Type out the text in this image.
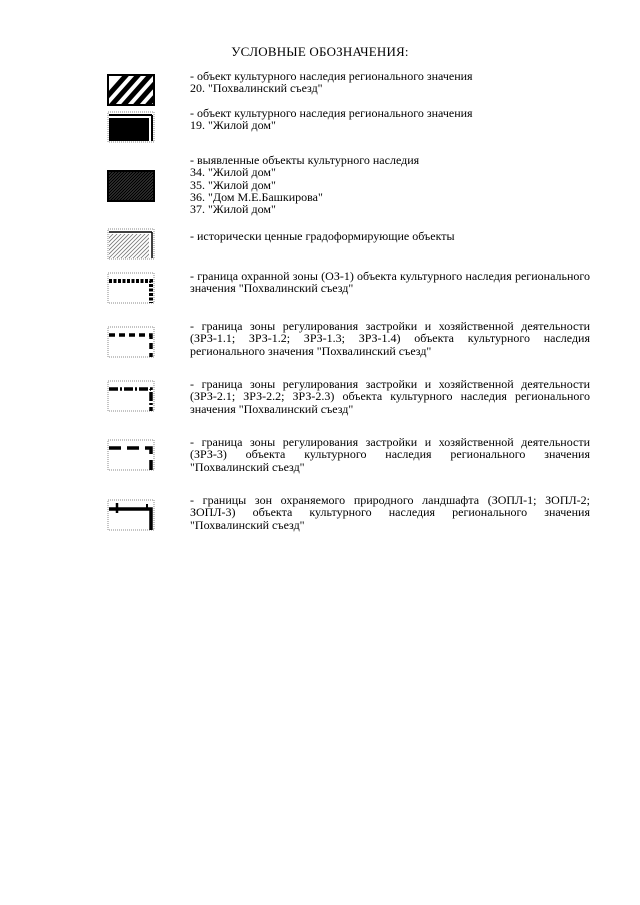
УСЛОВНЫЕ ОБОЗНАЧЕНИЯ:

- объект культурного наследия регионального значения

20. "Похвалинский съезд"

- объект культурного наследия регионального значения

19. "Жилой дом"

- выявленные объекты культурного наследия

34. "Жилой дом"

35. "Жилой дом"

36. "Дом М.Е.Башкирова"

37. "Жилой дом"

- исторически ценные градоформирующие объекты

- граница охранной зоны (ОЗ-1) объекта культурного наследия регионального значения "Похвалинский съезд"

- граница зоны регулирования застройки и хозяйственной деятельности (ЗРЗ-1.1; ЗРЗ-1.2; ЗРЗ-1.3; ЗРЗ-1.4) объекта культурного наследия регионального значения "Похвалинский съезд"

- граница зоны регулирования застройки и хозяйственной деятельности (ЗРЗ-2.1; ЗРЗ-2.2; ЗРЗ-2.3) объекта культурного наследия регионального значения "Похвалинский съезд"

- граница зоны регулирования застройки и хозяйственной деятельности (ЗРЗ-3) объекта культурного наследия регионального значения "Похвалинский съезд"

- границы зон охраняемого природного ландшафта (ЗОПЛ-1; ЗОПЛ-2; ЗОПЛ-3) объекта культурного наследия регионального значения "Похвалинский съезд"
